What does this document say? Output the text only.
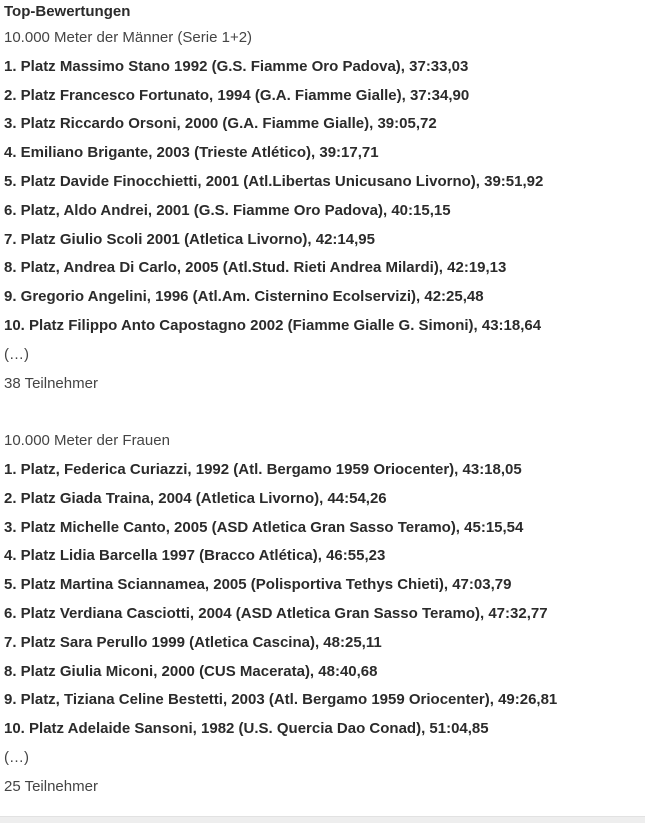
Top-Bewertungen

10.000 Meter der Männer (Serie 1+2)

1. Platz Massimo Stano 1992 (G.S. Fiamme Oro Padova), 37:33,03

2. Platz Francesco Fortunato, 1994 (G.A. Fiamme Gialle), 37:34,90

3. Platz Riccardo Orsoni, 2000 (G.A. Fiamme Gialle), 39:05,72

4. Emiliano Brigante, 2003 (Trieste Atlético), 39:17,71

5. Platz Davide Finocchietti, 2001 (Atl.Libertas Unicusano Livorno), 39:51,92

6. Platz, Aldo Andrei, 2001 (G.S. Fiamme Oro Padova), 40:15,15

7. Platz Giulio Scoli 2001 (Atletica Livorno), 42:14,95

8. Platz, Andrea Di Carlo, 2005 (Atl.Stud. Rieti Andrea Milardi), 42:19,13

9. Gregorio Angelini, 1996 (Atl.Am. Cisternino Ecolservizi), 42:25,48

10. Platz Filippo Anto Capostagno 2002 (Fiamme Gialle G. Simoni), 43:18,64

(…)

38 Teilnehmer

10.000 Meter der Frauen

1. Platz, Federica Curiazzi, 1992 (Atl. Bergamo 1959 Oriocenter), 43:18,05

2. Platz Giada Traina, 2004 (Atletica Livorno), 44:54,26

3. Platz Michelle Canto, 2005 (ASD Atletica Gran Sasso Teramo), 45:15,54

4. Platz Lidia Barcella 1997 (Bracco Atlética), 46:55,23

5. Platz Martina Sciannamea, 2005 (Polisportiva Tethys Chieti), 47:03,79

6. Platz Verdiana Casciotti, 2004 (ASD Atletica Gran Sasso Teramo), 47:32,77

7. Platz Sara Perullo 1999 (Atletica Cascina), 48:25,11

8. Platz Giulia Miconi, 2000 (CUS Macerata), 48:40,68

9. Platz, Tiziana Celine Bestetti, 2003 (Atl. Bergamo 1959 Oriocenter), 49:26,81

10. Platz Adelaide Sansoni, 1982 (U.S. Quercia Dao Conad), 51:04,85

(…)

25 Teilnehmer
